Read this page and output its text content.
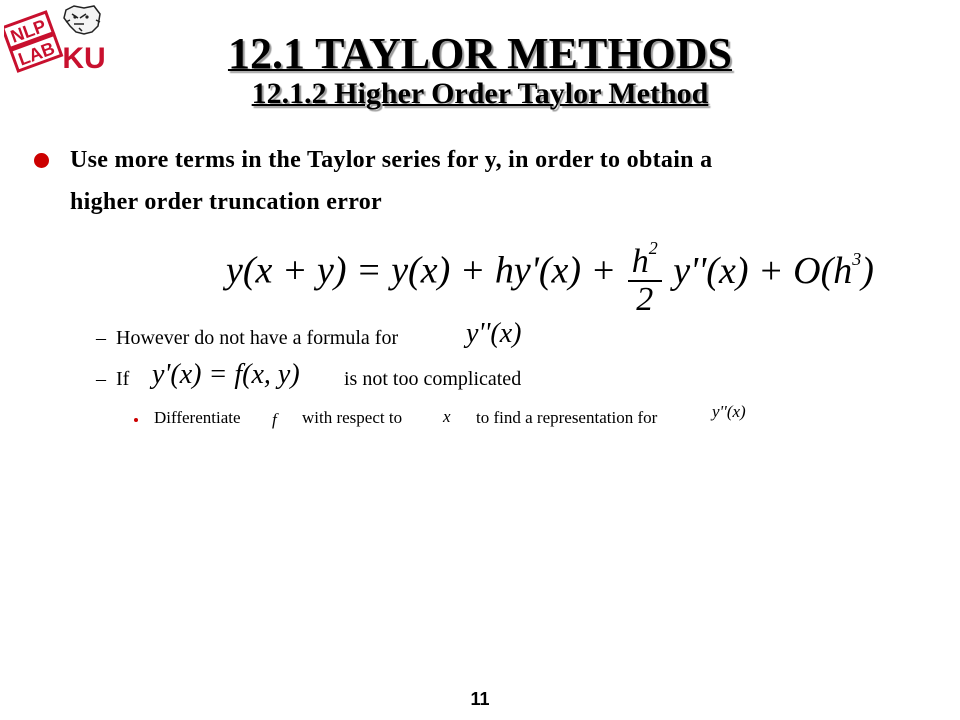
NLP
LAB KU	12.1 TAYLOR METHODS
12.1.2 Higher Order Taylor Method
Use more terms in the Taylor series for y, in order to obtain a
higher order truncation error
$y(x + y) = y(x) + hy'(x) + \frac{h^2}{2} y''(x) + O(h^3)$
– However do not have a formula for y''(x)
– If y'(x) = f(x, y) is not too complicated
Differentiate f with respect to x to find a representation for	y''(x)
11
